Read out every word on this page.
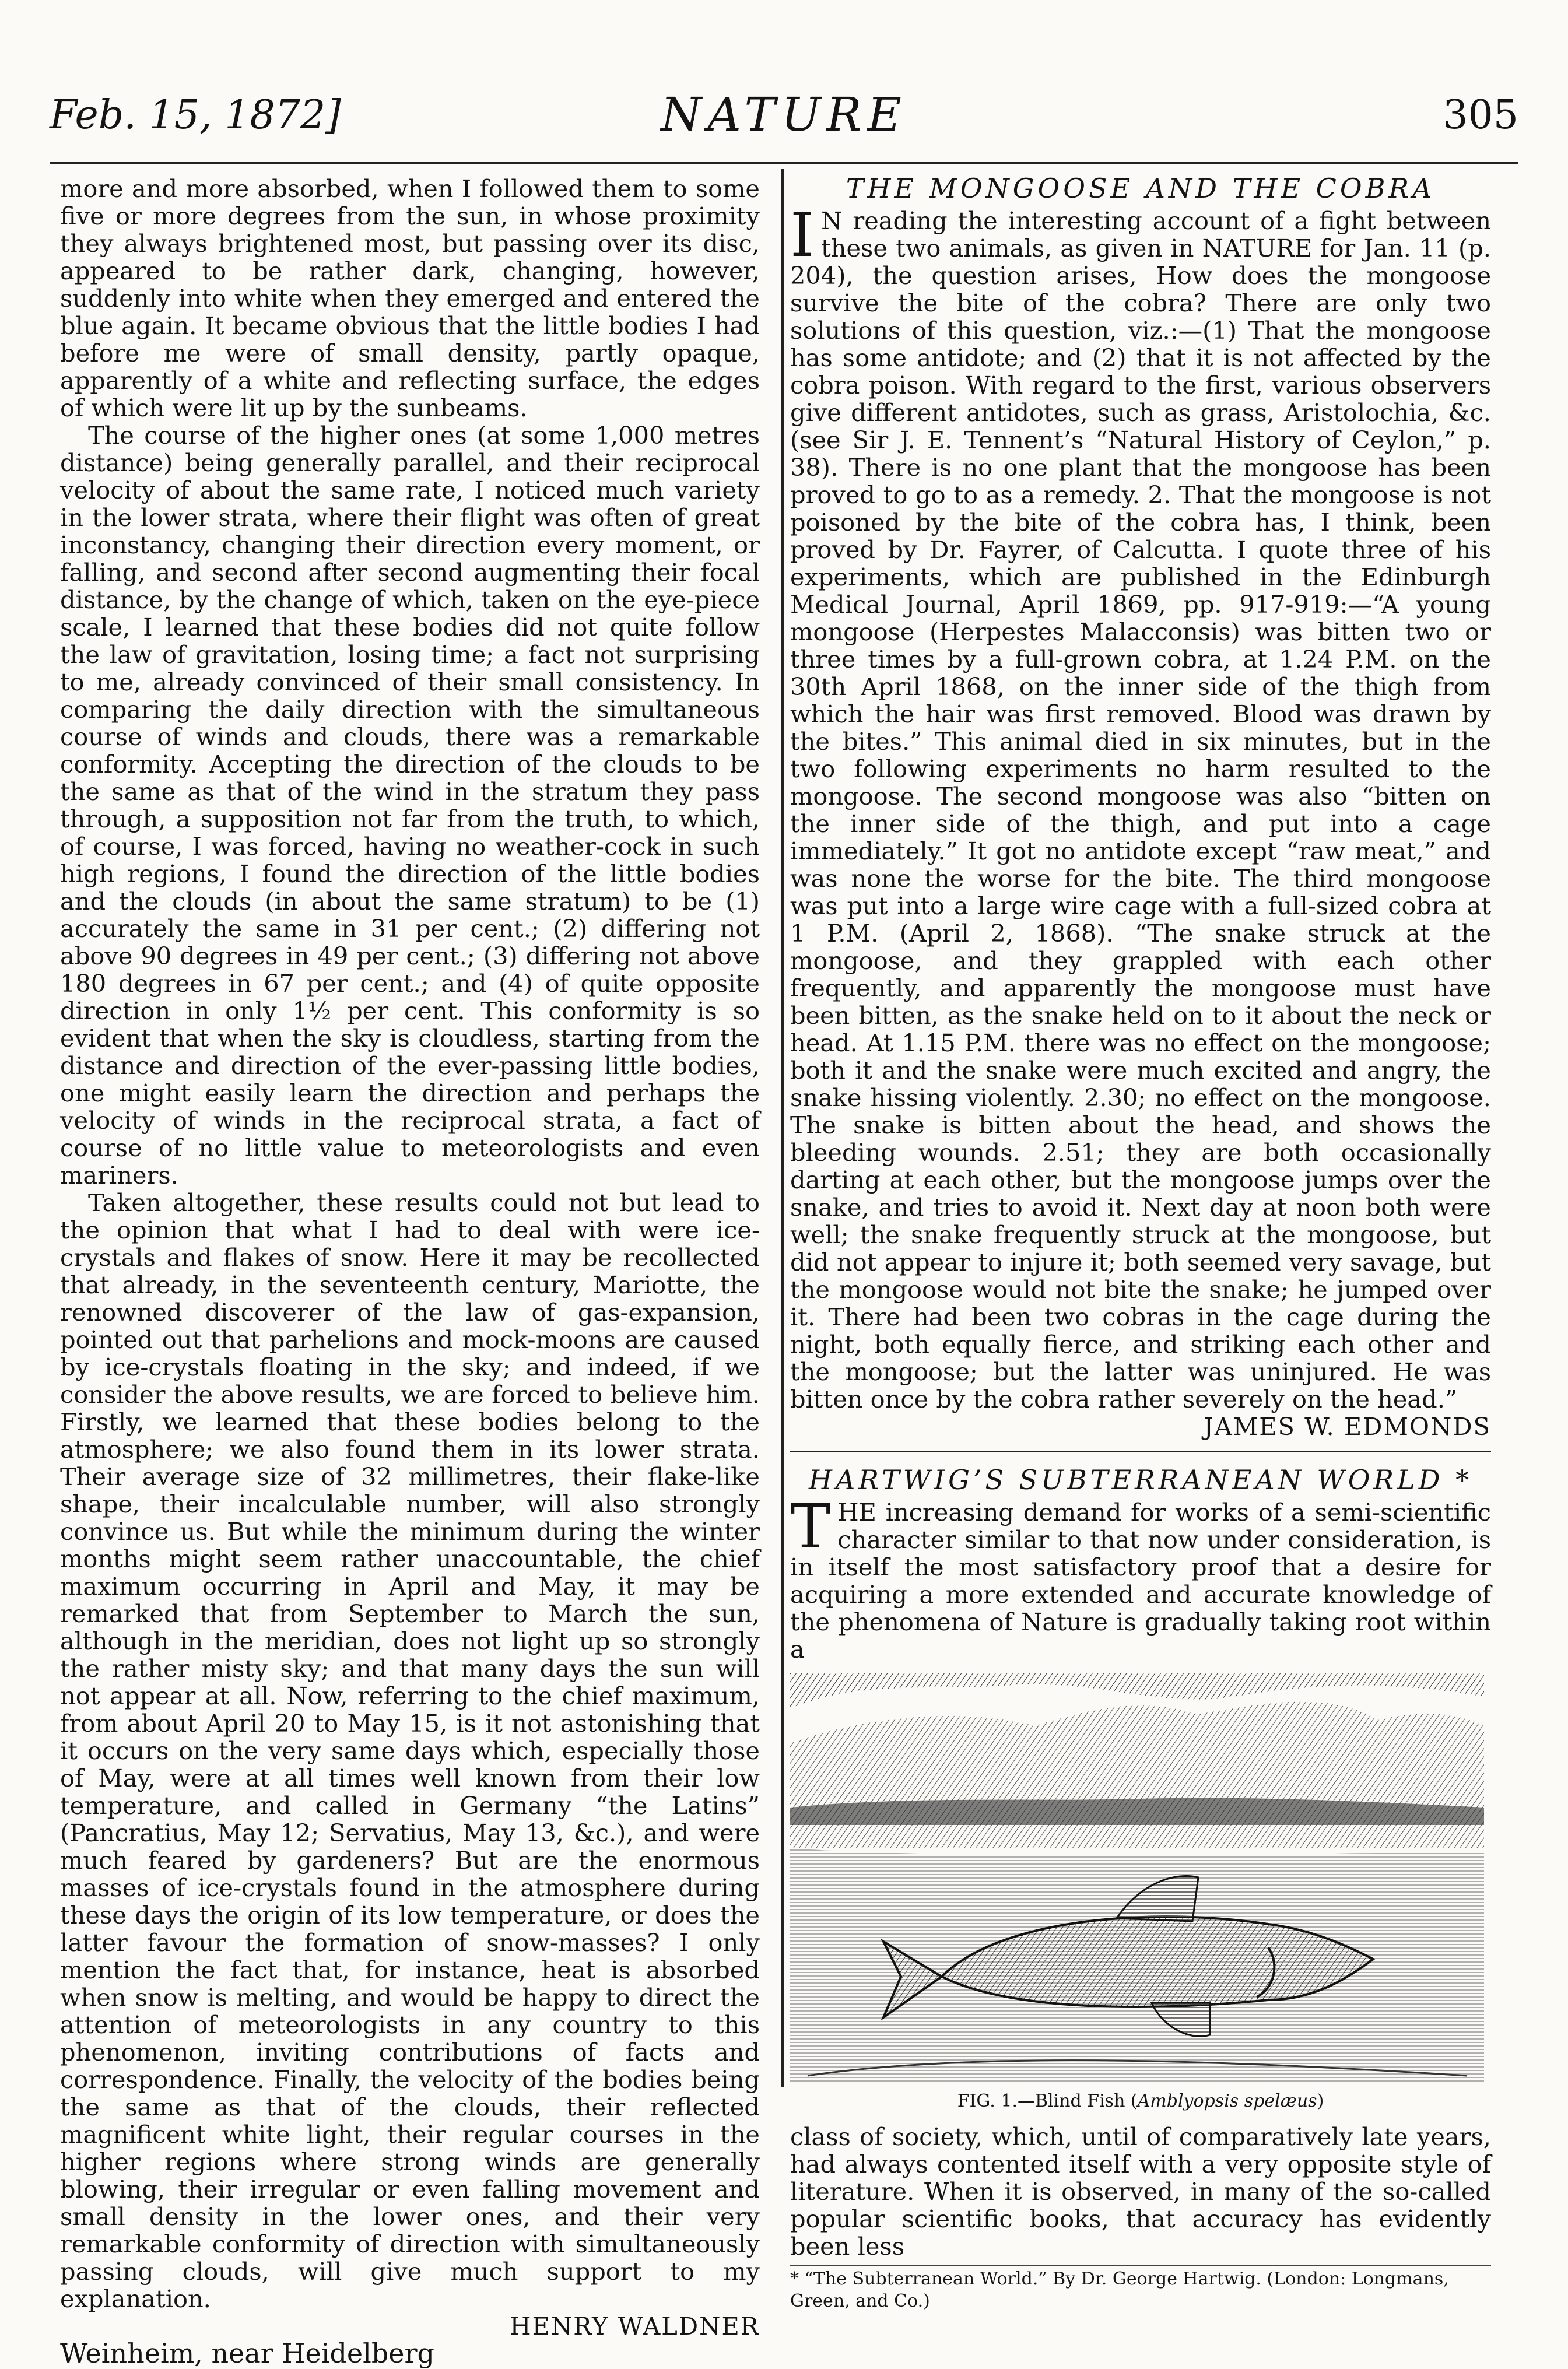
Feb. 15, 1872]	NATURE	305

more and more absorbed, when I followed them to some five or more degrees from the sun, in whose proximity they always brightened most, but passing over its disc, appeared to be rather dark, changing, however, suddenly into white when they emerged and entered the blue again. It became obvious that the little bodies I had before me were of small density, partly opaque, apparently of a white and reflecting surface, the edges of which were lit up by the sunbeams.

The course of the higher ones (at some 1,000 metres distance) being generally parallel, and their reciprocal velocity of about the same rate, I noticed much variety in the lower strata, where their flight was often of great inconstancy, changing their direction every moment, or falling, and second after second augmenting their focal distance, by the change of which, taken on the eye-piece scale, I learned that these bodies did not quite follow the law of gravitation, losing time; a fact not surprising to me, already convinced of their small consistency. In comparing the daily direction with the simultaneous course of winds and clouds, there was a remarkable conformity. Accepting the direction of the clouds to be the same as that of the wind in the stratum they pass through, a supposition not far from the truth, to which, of course, I was forced, having no weather-cock in such high regions, I found the direction of the little bodies and the clouds (in about the same stratum) to be (1) accurately the same in 31 per cent.; (2) differing not above 90 degrees in 49 per cent.; (3) differing not above 180 degrees in 67 per cent.; and (4) of quite opposite direction in only 1½ per cent. This conformity is so evident that when the sky is cloudless, starting from the distance and direction of the ever-passing little bodies, one might easily learn the direction and perhaps the velocity of winds in the reciprocal strata, a fact of course of no little value to meteorologists and even mariners.

Taken altogether, these results could not but lead to the opinion that what I had to deal with were ice-crystals and flakes of snow. Here it may be recollected that already, in the seventeenth century, Mariotte, the renowned discoverer of the law of gas-expansion, pointed out that parhelions and mock-moons are caused by ice-crystals floating in the sky; and indeed, if we consider the above results, we are forced to believe him. Firstly, we learned that these bodies belong to the atmosphere; we also found them in its lower strata. Their average size of 32 millimetres, their flake-like shape, their incalculable number, will also strongly convince us. But while the minimum during the winter months might seem rather unaccountable, the chief maximum occurring in April and May, it may be remarked that from September to March the sun, although in the meridian, does not light up so strongly the rather misty sky; and that many days the sun will not appear at all. Now, referring to the chief maximum, from about April 20 to May 15, is it not astonishing that it occurs on the very same days which, especially those of May, were at all times well known from their low temperature, and called in Germany “the Latins” (Pancratius, May 12; Servatius, May 13, &c.), and were much feared by gardeners? But are the enormous masses of ice-crystals found in the atmosphere during these days the origin of its low temperature, or does the latter favour the formation of snow-masses? I only mention the fact that, for instance, heat is absorbed when snow is melting, and would be happy to direct the attention of meteorologists in any country to this phenomenon, inviting contributions of facts and correspondence. Finally, the velocity of the bodies being the same as that of the clouds, their reflected magnificent white light, their regular courses in the higher regions where strong winds are generally blowing, their irregular or even falling movement and small density in the lower ones, and their very remarkable conformity of direction with simultaneously passing clouds, will give much support to my explanation.

HENRY WALDNER

Weinheim, near Heidelberg

THE MONGOOSE AND THE COBRA

I N reading the interesting account of a fight between these two animals, as given in NATURE for Jan. 11 (p. 204), the question arises, How does the mongoose survive the bite of the cobra? There are only two solutions of this question, viz.:—(1) That the mongoose has some antidote; and (2) that it is not affected by the cobra poison. With regard to the first, various observers give different antidotes, such as grass, Aristolochia, &c. (see Sir J. E. Tennent’s “Natural History of Ceylon,” p. 38). There is no one plant that the mongoose has been proved to go to as a remedy. 2. That the mongoose is not poisoned by the bite of the cobra has, I think, been proved by Dr. Fayrer, of Calcutta. I quote three of his experiments, which are published in the Edinburgh Medical Journal, April 1869, pp. 917-919:—“A young mongoose (Herpestes Malacconsis) was bitten two or three times by a full-grown cobra, at 1.24 P.M. on the 30th April 1868, on the inner side of the thigh from which the hair was first removed. Blood was drawn by the bites.” This animal died in six minutes, but in the two following experiments no harm resulted to the mongoose. The second mongoose was also “bitten on the inner side of the thigh, and put into a cage immediately.” It got no antidote except “raw meat,” and was none the worse for the bite. The third mongoose was put into a large wire cage with a full-sized cobra at 1 P.M. (April 2, 1868). “The snake struck at the mongoose, and they grappled with each other frequently, and apparently the mongoose must have been bitten, as the snake held on to it about the neck or head. At 1.15 P.M. there was no effect on the mongoose; both it and the snake were much excited and angry, the snake hissing violently. 2.30; no effect on the mongoose. The snake is bitten about the head, and shows the bleeding wounds. 2.51; they are both occasionally darting at each other, but the mongoose jumps over the snake, and tries to avoid it. Next day at noon both were well; the snake frequently struck at the mongoose, but did not appear to injure it; both seemed very savage, but the mongoose would not bite the snake; he jumped over it. There had been two cobras in the cage during the night, both equally fierce, and striking each other and the mongoose; but the latter was uninjured. He was bitten once by the cobra rather severely on the head.”

JAMES W. EDMONDS
HARTWIG’S SUBTERRANEAN WORLD *

THE increasing demand for works of a semi-scientific character similar to that now under consideration, is in itself the most satisfactory proof that a desire for acquiring a more extended and accurate knowledge of the phenomena of Nature is gradually taking root within a

FIG. 1.—Blind Fish (Amblyopsis spelæus)

class of society, which, until of comparatively late years, had always contented itself with a very opposite style of literature. When it is observed, in many of the so-called popular scientific books, that accuracy has evidently been less

* “The Subterranean World.” By Dr. George Hartwig. (London: Longmans, Green, and Co.)
